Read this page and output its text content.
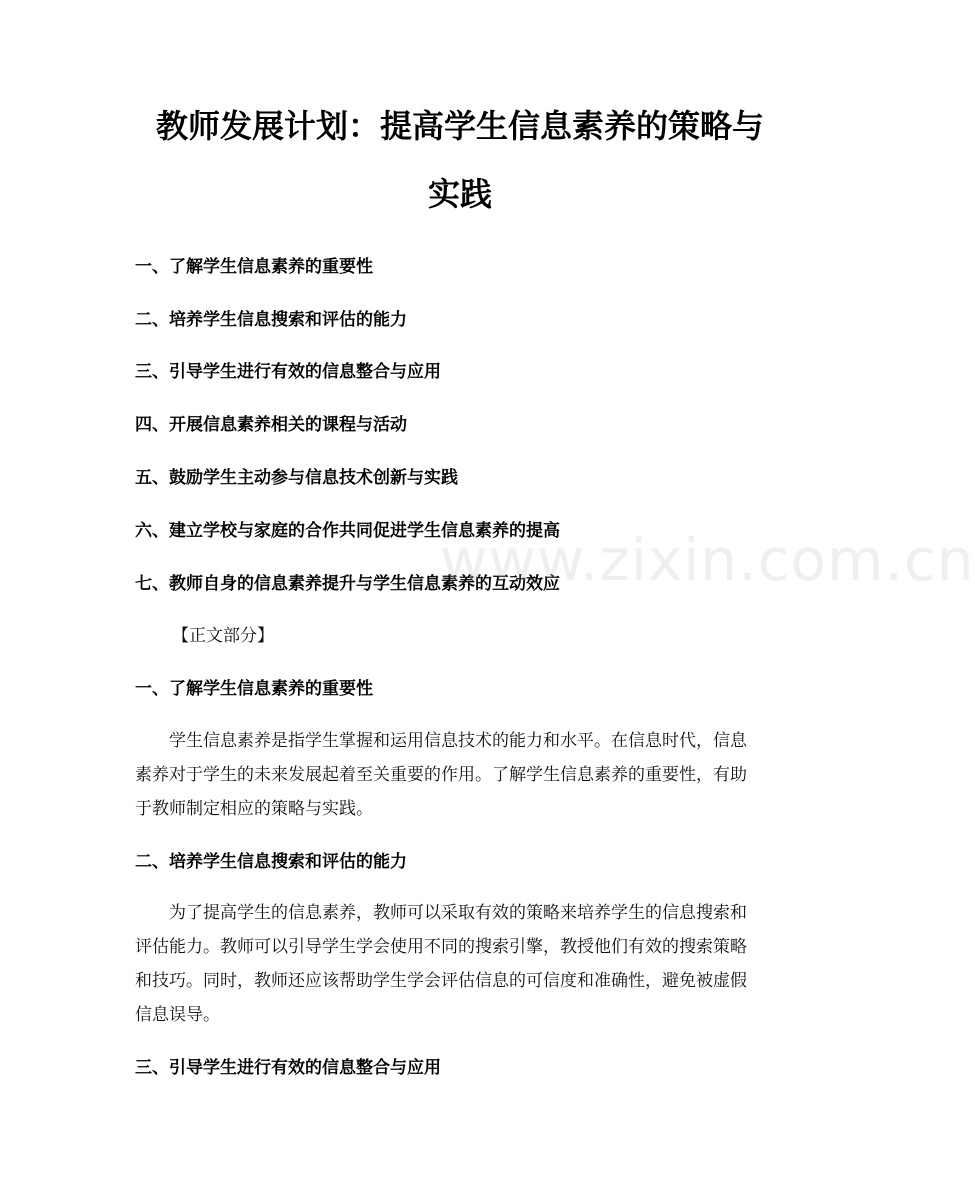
教师发展计划：提高学生信息素养的策略与
实践
一、了解学生信息素养的重要性
二、培养学生信息搜索和评估的能力
三、引导学生进行有效的信息整合与应用
四、开展信息素养相关的课程与活动
五、鼓励学生主动参与信息技术创新与实践
六、建立学校与家庭的合作共同促进学生信息素养的提高
七、教师自身的信息素养提升与学生信息素养的互动效应
【正文部分】
一、了解学生信息素养的重要性
学生信息素养是指学生掌握和运用信息技术的能力和水平。在信息时代，信息
素养对于学生的未来发展起着至关重要的作用。了解学生信息素养的重要性，有助
于教师制定相应的策略与实践。
二、培养学生信息搜索和评估的能力
为了提高学生的信息素养，教师可以采取有效的策略来培养学生的信息搜索和
评估能力。教师可以引导学生学会使用不同的搜索引擎，教授他们有效的搜索策略
和技巧。同时，教师还应该帮助学生学会评估信息的可信度和准确性，避免被虚假
信息误导。
三、引导学生进行有效的信息整合与应用
www.zixin.com.cn
